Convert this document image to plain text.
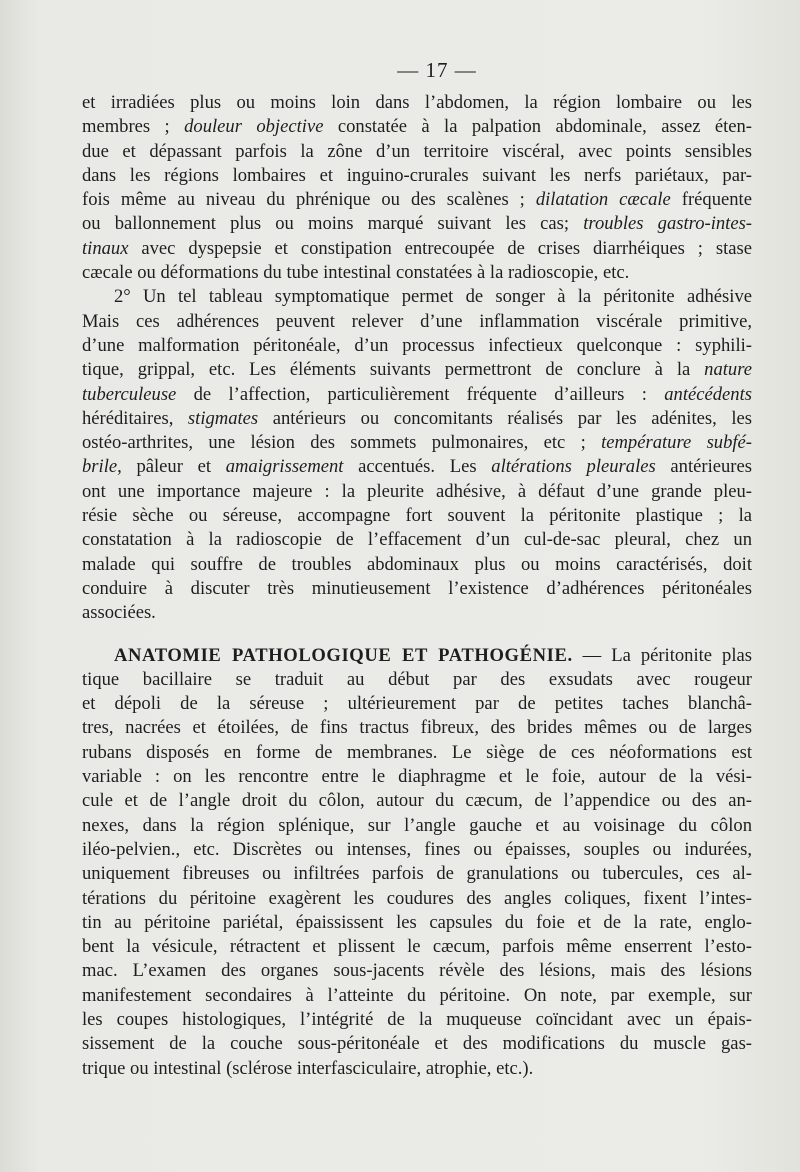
— 17 —

et irradiées plus ou moins loin dans l’abdomen, la région lombaire ou les

membres ; douleur objective constatée à la palpation abdominale, assez éten-

due et dépassant parfois la zône d’un territoire viscéral, avec points sensibles

dans les régions lombaires et inguino-crurales suivant les nerfs pariétaux, par-

fois même au niveau du phrénique ou des scalènes ; dilatation cæcale fréquente

ou ballonnement plus ou moins marqué suivant les cas; troubles gastro-intes-

tinaux avec dyspepsie et constipation entrecoupée de crises diarrhéiques ; stase

cæcale ou déformations du tube intestinal constatées à la radioscopie, etc.

2° Un tel tableau symptomatique permet de songer à la péritonite adhésive

Mais ces adhérences peuvent relever d’une inflammation viscérale primitive,

d’une malformation péritonéale, d’un processus infectieux quelconque : syphili-

tique, grippal, etc. Les éléments suivants permettront de conclure à la nature

tuberculeuse de l’affection, particulièrement fréquente d’ailleurs : antécédents

héréditaires, stigmates antérieurs ou concomitants réalisés par les adénites, les

ostéo-arthrites, une lésion des sommets pulmonaires, etc ; température subfé-

brile, pâleur et amaigrissement accentués. Les altérations pleurales antérieures

ont une importance majeure : la pleurite adhésive, à défaut d’une grande pleu-

résie sèche ou séreuse, accompagne fort souvent la péritonite plastique ; la

constatation à la radioscopie de l’effacement d’un cul-de-sac pleural, chez un

malade qui souffre de troubles abdominaux plus ou moins caractérisés, doit

conduire à discuter très minutieusement l’existence d’adhérences péritonéales

associées.

ANATOMIE PATHOLOGIQUE ET PATHOGÉNIE. — La péritonite plas

tique bacillaire se traduit au début par des exsudats avec rougeur

et dépoli de la séreuse ; ultérieurement par de petites taches blanchâ-

tres, nacrées et étoilées, de fins tractus fibreux, des brides mêmes ou de larges

rubans disposés en forme de membranes. Le siège de ces néoformations est

variable : on les rencontre entre le diaphragme et le foie, autour de la vési-

cule et de l’angle droit du côlon, autour du cæcum, de l’appendice ou des an-

nexes, dans la région splénique, sur l’angle gauche et au voisinage du côlon

iléo-pelvien., etc. Discrètes ou intenses, fines ou épaisses, souples ou indurées,

uniquement fibreuses ou infiltrées parfois de granulations ou tubercules, ces al-

térations du péritoine exagèrent les coudures des angles coliques, fixent l’intes-

tin au péritoine pariétal, épaississent les capsules du foie et de la rate, englo-

bent la vésicule, rétractent et plissent le cæcum, parfois même enserrent l’esto-

mac. L’examen des organes sous-jacents révèle des lésions, mais des lésions

manifestement secondaires à l’atteinte du péritoine. On note, par exemple, sur

les coupes histologiques, l’intégrité de la muqueuse coïncidant avec un épais-

sissement de la couche sous-péritonéale et des modifications du muscle gas-

trique ou intestinal (sclérose interfasciculaire, atrophie, etc.).
